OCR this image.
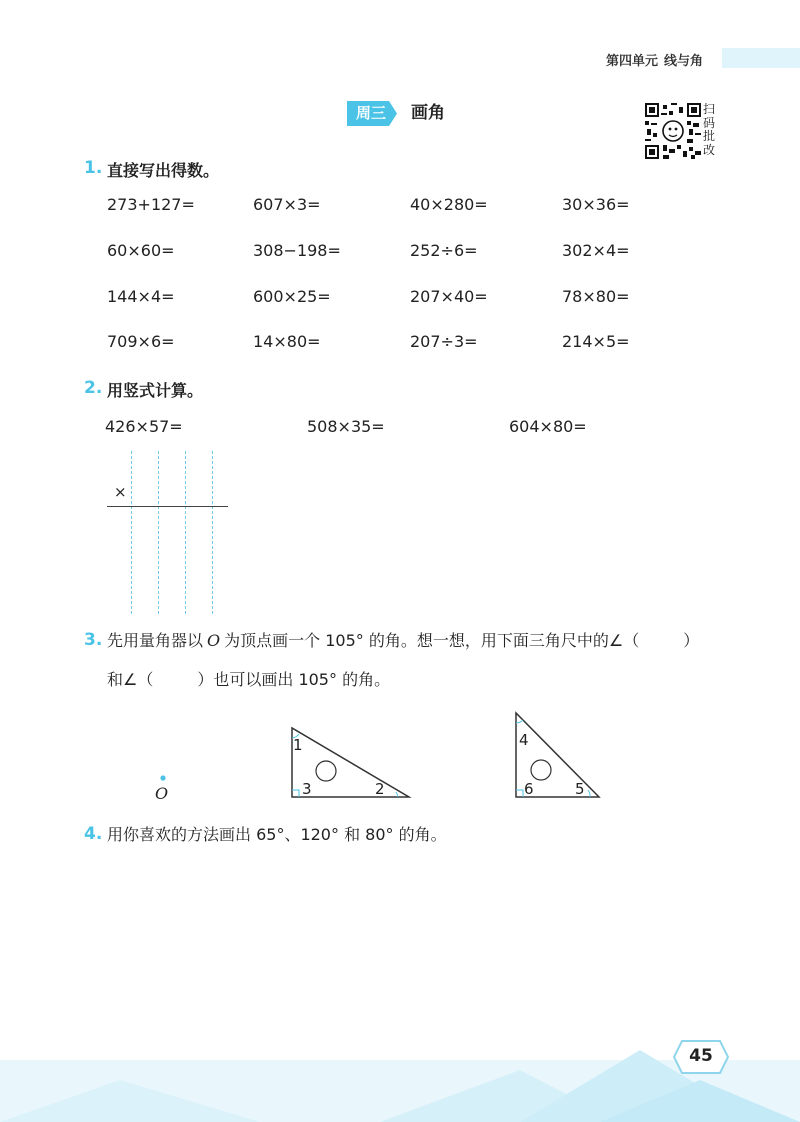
第四单元 线与角
周三	画角	扫码批改
1. 直接写出得数。
273+127=	607×3=	40×280=	30×36=
60×60=	308−198=	252÷6=	302×4=
144×4=	600×25=	207×40=	78×80=
709×6=	14×80=	207÷3=	214×5=
2. 用竖式计算。
426×57=	508×35=	604×80=
×
3. 先用量角器以 O 为顶点画一个 105° 的角。想一想，用下面三角尺中的∠（	）
和∠（	）也可以画出 105° 的角。
O
1
3	2
4
6	5
4. 用你喜欢的方法画出 65°、120° 和 80° 的角。
45
